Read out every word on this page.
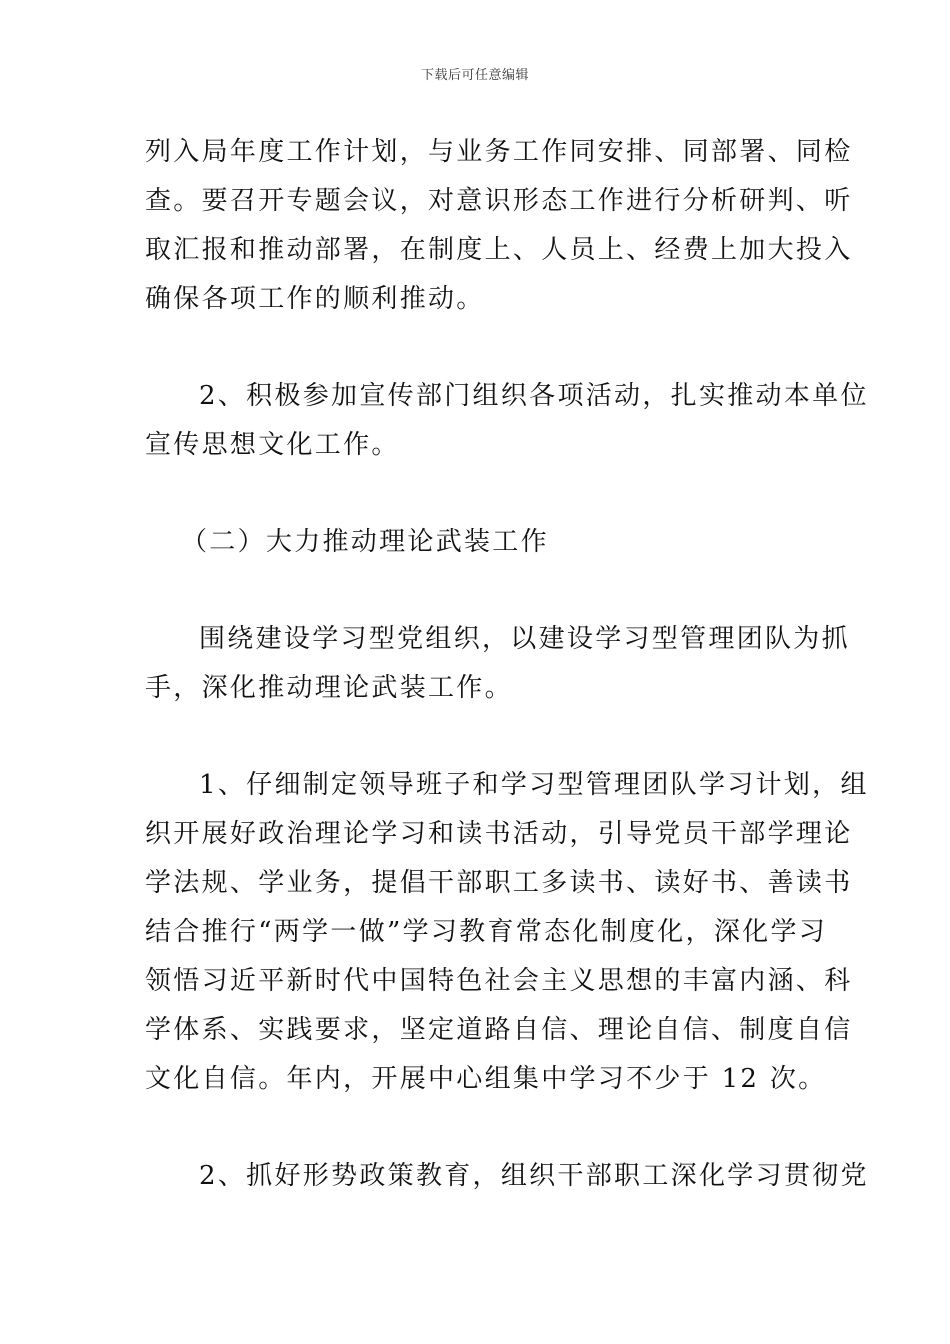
下载后可任意编辑

列入局年度工作计划，与业务工作同安排、同部署、同检
查。要召开专题会议，对意识形态工作进行分析研判、听
取汇报和推动部署，在制度上、人员上、经费上加大投入
确保各项工作的顺利推动。

2、积极参加宣传部门组织各项活动，扎实推动本单位
宣传思想文化工作。

（二）大力推动理论武装工作

围绕建设学习型党组织，以建设学习型管理团队为抓
手，深化推动理论武装工作。

1、仔细制定领导班子和学习型管理团队学习计划，组
织开展好政治理论学习和读书活动，引导党员干部学理论
学法规、学业务，提倡干部职工多读书、读好书、善读书
结合推行“两学一做”学习教育常态化制度化，深化学习
领悟习近平新时代中国特色社会主义思想的丰富内涵、科
学体系、实践要求，坚定道路自信、理论自信、制度自信
文化自信。年内，开展中心组集中学习不少于 12 次。

2、抓好形势政策教育，组织干部职工深化学习贯彻党
